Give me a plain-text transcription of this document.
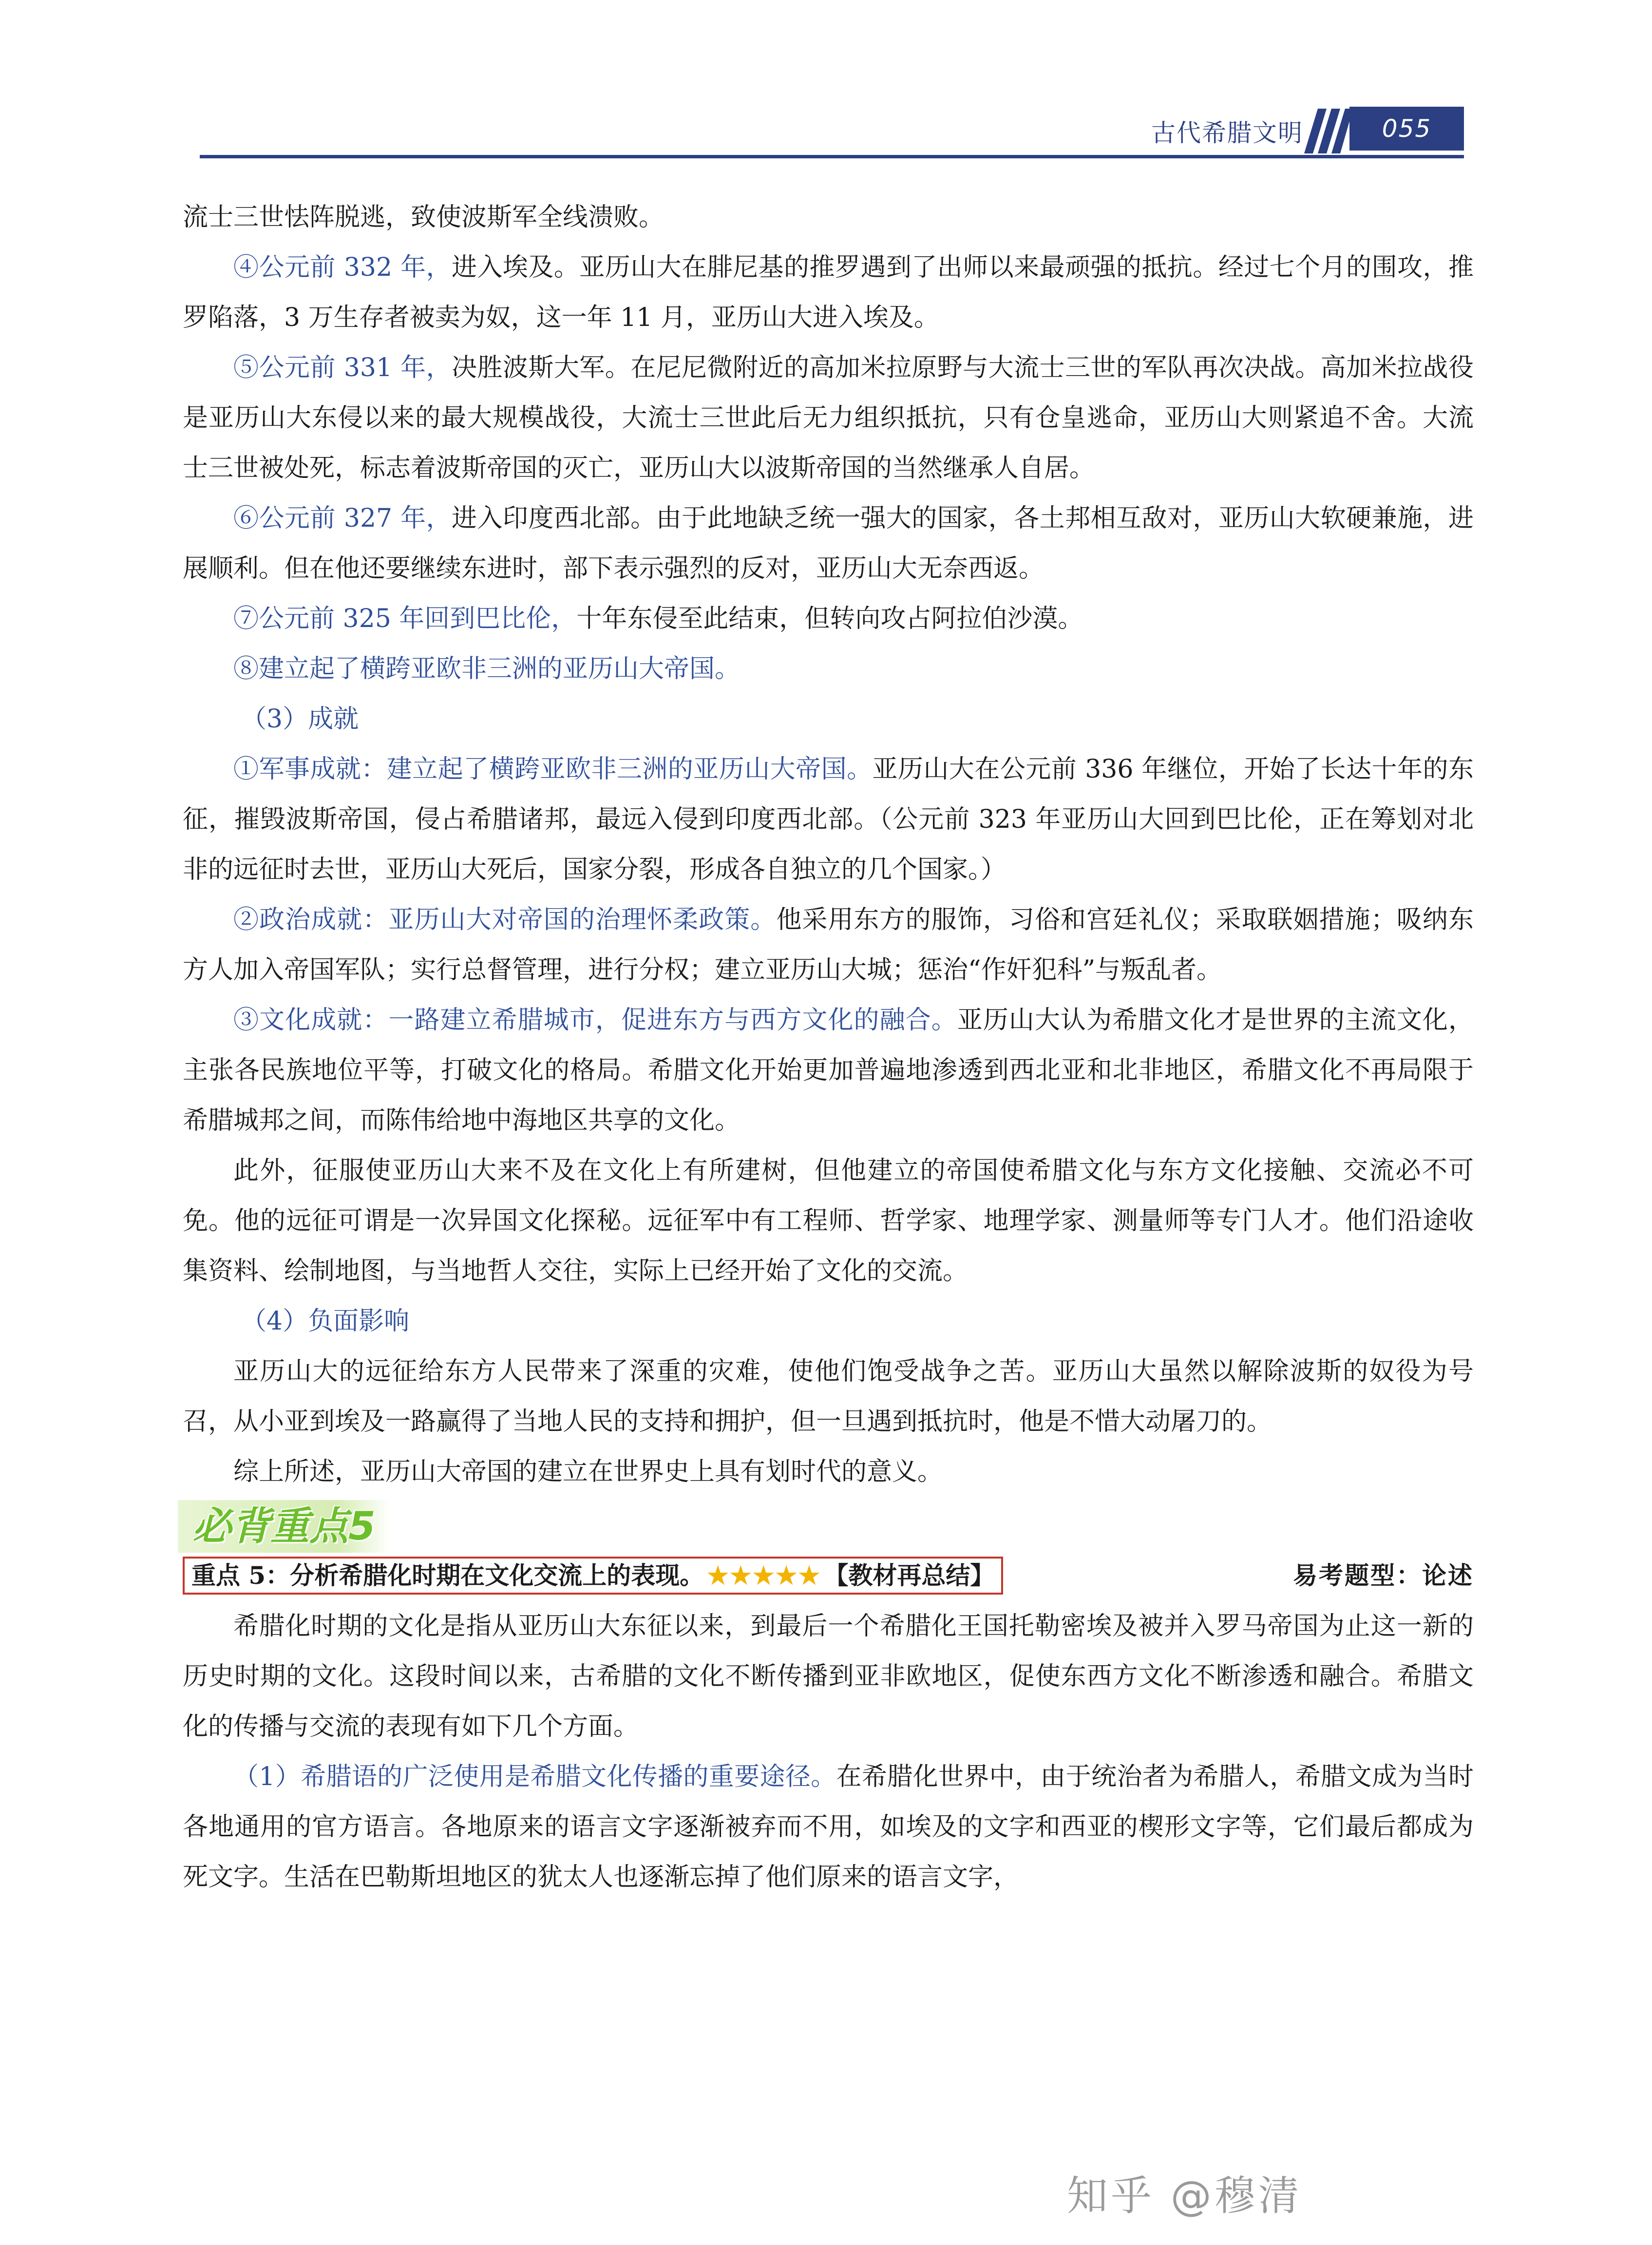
古代希腊文明	055

流士三世怯阵脱逃，致使波斯军全线溃败。

④公元前 332 年，进入埃及。亚历山大在腓尼基的推罗遇到了出师以来最顽强的抵抗。经过七个月的围攻，推罗陷落，3 万生存者被卖为奴，这一年 11 月，亚历山大进入埃及。

⑤公元前 331 年，决胜波斯大军。在尼尼微附近的高加米拉原野与大流士三世的军队再次决战。高加米拉战役是亚历山大东侵以来的最大规模战役，大流士三世此后无力组织抵抗，只有仓皇逃命，亚历山大则紧追不舍。大流士三世被处死，标志着波斯帝国的灭亡，亚历山大以波斯帝国的当然继承人自居。

⑥公元前 327 年，进入印度西北部。由于此地缺乏统一强大的国家，各土邦相互敌对，亚历山大软硬兼施，进展顺利。但在他还要继续东进时，部下表示强烈的反对，亚历山大无奈西返。

⑦公元前 325 年回到巴比伦，十年东侵至此结束，但转向攻占阿拉伯沙漠。

⑧建立起了横跨亚欧非三洲的亚历山大帝国。

（3）成就

①军事成就：建立起了横跨亚欧非三洲的亚历山大帝国。亚历山大在公元前 336 年继位，开始了长达十年的东征，摧毁波斯帝国，侵占希腊诸邦，最远入侵到印度西北部。（公元前 323 年亚历山大回到巴比伦，正在筹划对北非的远征时去世，亚历山大死后，国家分裂，形成各自独立的几个国家。）

②政治成就：亚历山大对帝国的治理怀柔政策。他采用东方的服饰，习俗和宫廷礼仪；采取联姻措施；吸纳东方人加入帝国军队；实行总督管理，进行分权；建立亚历山大城；惩治“作奸犯科”与叛乱者。

③文化成就：一路建立希腊城市，促进东方与西方文化的融合。亚历山大认为希腊文化才是世界的主流文化，主张各民族地位平等，打破文化的格局。希腊文化开始更加普遍地渗透到西北亚和北非地区，希腊文化不再局限于希腊城邦之间，而陈伟给地中海地区共享的文化。

此外，征服使亚历山大来不及在文化上有所建树，但他建立的帝国使希腊文化与东方文化接触、交流必不可免。他的远征可谓是一次异国文化探秘。远征军中有工程师、哲学家、地理学家、测量师等专门人才。他们沿途收集资料、绘制地图，与当地哲人交往，实际上已经开始了文化的交流。

（4）负面影响

亚历山大的远征给东方人民带来了深重的灾难，使他们饱受战争之苦。亚历山大虽然以解除波斯的奴役为号召，从小亚到埃及一路赢得了当地人民的支持和拥护，但一旦遇到抵抗时，他是不惜大动屠刀的。

综上所述，亚历山大帝国的建立在世界史上具有划时代的意义。

必背重点5
重点 5：分析希腊化时期在文化交流上的表现。 ★★★★★ 【教材再总结】	易考题型：论述

希腊化时期的文化是指从亚历山大东征以来，到最后一个希腊化王国托勒密埃及被并入罗马帝国为止这一新的历史时期的文化。这段时间以来，古希腊的文化不断传播到亚非欧地区，促使东西方文化不断渗透和融合。希腊文化的传播与交流的表现有如下几个方面。

（1）希腊语的广泛使用是希腊文化传播的重要途径。在希腊化世界中，由于统治者为希腊人，希腊文成为当时各地通用的官方语言。各地原来的语言文字逐渐被弃而不用，如埃及的文字和西亚的楔形文字等，它们最后都成为死文字。生活在巴勒斯坦地区的犹太人也逐渐忘掉了他们原来的语言文字，

知乎 @穆清
